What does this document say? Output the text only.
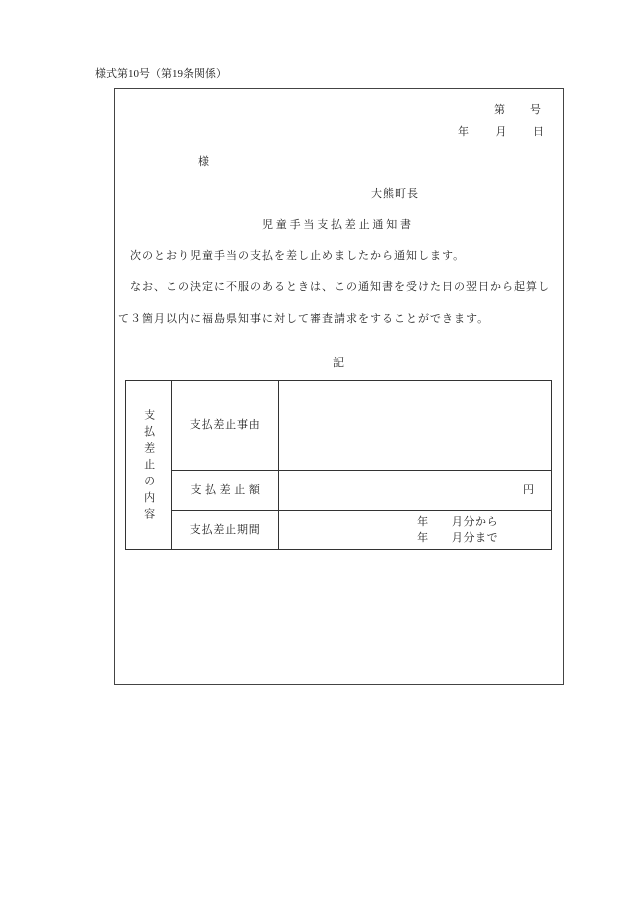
様式第10号（第19条関係）
第　　号
年　　月　　日
様
大熊町長
児童手当支払差止通知書
　次のとおり児童手当の支払を差し止めましたから通知します。
　なお、この決定に不服のあるときは、この通知書を受けた日の翌日から起算し
て３箇月以内に福島県知事に対して審査請求をすることができます。
記
支払差止の内容	支払差止事由	
	支払差止額	円
	支払差止期間	年　　月分から
年　　月分まで
